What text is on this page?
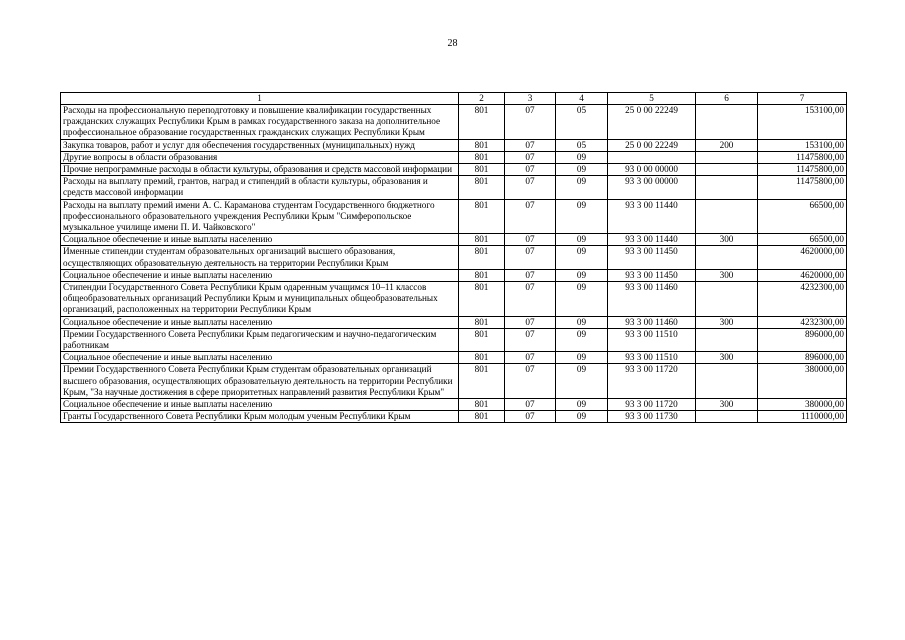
28
1	2	3	4	5	6	7
Расходы на профессиональную переподготовку и повышение квалификации государственных гражданских служащих Республики Крым в рамках государственного заказа на дополнительное профессиональное образование государственных гражданских служащих Республики Крым	801	07	05	25 0 00 22249		153100,00
Закупка товаров, работ и услуг для обеспечения государственных (муниципальных) нужд	801	07	05	25 0 00 22249	200	153100,00
Другие вопросы в области образования	801	07	09			11475800,00
Прочие непрограммные расходы в области культуры, образования и средств массовой информации	801	07	09	93 0 00 00000		11475800,00
Расходы на выплату премий, грантов, наград и стипендий в области культуры, образования и средств массовой информации	801	07	09	93 3 00 00000		11475800,00
Расходы на выплату премий имени А. С. Караманова студентам Государственного бюджетного профессионального образовательного учреждения Республики Крым "Симферопольское музыкальное училище имени П. И. Чайковского"	801	07	09	93 3 00 11440		66500,00
Социальное обеспечение и иные выплаты населению	801	07	09	93 3 00 11440	300	66500,00
Именные стипендии студентам образовательных организаций высшего образования, осуществляющих образовательную деятельность на территории Республики Крым	801	07	09	93 3 00 11450		4620000,00
Социальное обеспечение и иные выплаты населению	801	07	09	93 3 00 11450	300	4620000,00
Стипендии Государственного Совета Республики Крым одаренным учащимся 10–11 классов общеобразовательных организаций Республики Крым и муниципальных общеобразовательных организаций, расположенных на территории Республики Крым	801	07	09	93 3 00 11460		4232300,00
Социальное обеспечение и иные выплаты населению	801	07	09	93 3 00 11460	300	4232300,00
Премии Государственного Совета Республики Крым педагогическим и научно-педагогическим работникам	801	07	09	93 3 00 11510		896000,00
Социальное обеспечение и иные выплаты населению	801	07	09	93 3 00 11510	300	896000,00
Премии Государственного Совета Республики Крым студентам образовательных организаций высшего образования, осуществляющих образовательную деятельность на территории Республики Крым, "За научные достижения в сфере приоритетных направлений развития Республики Крым"	801	07	09	93 3 00 11720		380000,00
Социальное обеспечение и иные выплаты населению	801	07	09	93 3 00 11720	300	380000,00
Гранты Государственного Совета Республики Крым молодым ученым Республики Крым	801	07	09	93 3 00 11730		1110000,00
